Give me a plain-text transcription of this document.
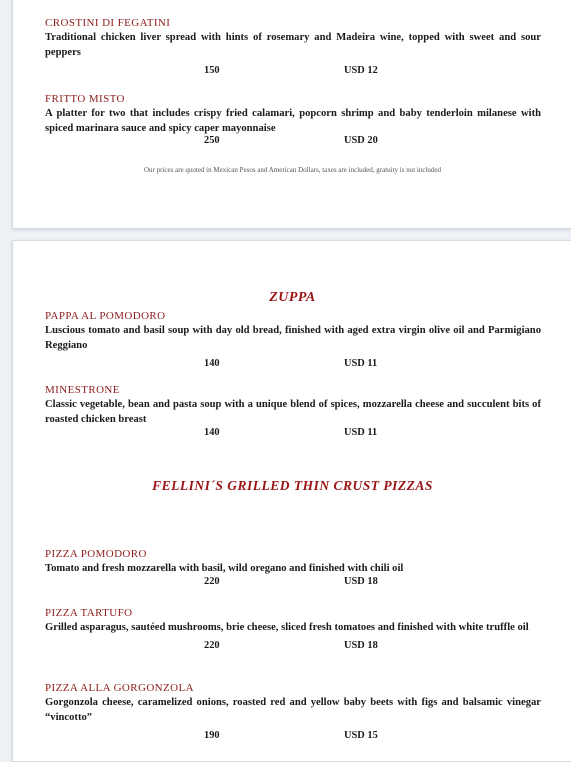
CROSTINI DI FEGATINI
Traditional chicken liver spread with hints of rosemary and Madeira wine, topped with sweet and sour peppers
150	USD 12
FRITTO MISTO
A platter for two that includes crispy fried calamari, popcorn shrimp and baby tenderloin milanese with spiced marinara sauce and spicy caper mayonnaise
250	USD 20
Our prices are quoted in Mexican Pesos and American Dollars, taxes are included, gratuity is not included
ZUPPA
PAPPA AL POMODORO
Luscious tomato and basil soup with day old bread, finished with aged extra virgin olive oil and Parmigiano Reggiano
140	USD 11
MINESTRONE
Classic vegetable, bean and pasta soup with a unique blend of spices, mozzarella cheese and succulent bits of roasted chicken breast
140	USD 11
FELLINI´S GRILLED THIN CRUST PIZZAS
PIZZA POMODORO
Tomato and fresh mozzarella with basil, wild oregano and finished with chili oil
220	USD 18
PIZZA TARTUFO
Grilled asparagus, sautéed mushrooms, brie cheese, sliced fresh tomatoes and finished with white truffle oil
220	USD 18
PIZZA ALLA GORGONZOLA
Gorgonzola cheese, caramelized onions, roasted red and yellow baby beets with figs and balsamic vinegar “vincotto”
190	USD 15
